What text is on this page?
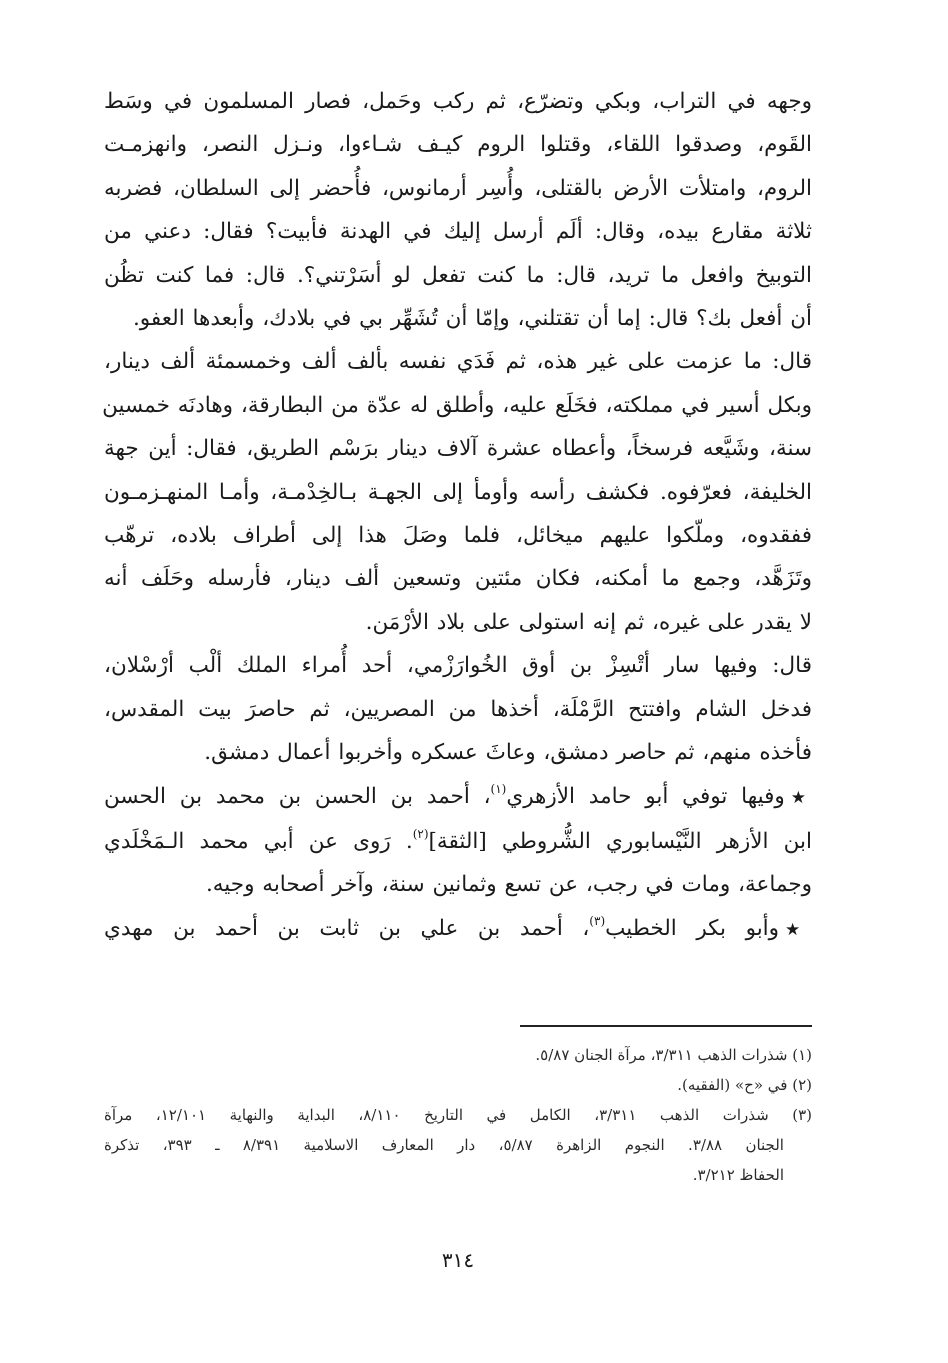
وجهه في التراب، وبكي وتضرّع، ثم ركب وحَمل، فصار المسلمون في وسَط
القَوم، وصدقوا اللقاء، وقتلوا الروم كيـف شـاءوا، ونـزل النصر، وانهزمـت
الروم، وامتلأت الأرض بالقتلى، وأُسِر أرمانوس، فأُحضر إلى السلطان، فضربه
ثلاثة مقارع بيده، وقال: ألَم أرسل إليك في الهدنة فأبيت؟ فقال: دعني من
التوبيخ وافعل ما تريد، قال: ما كنت تفعل لو أسَرْتني؟. قال: فما كنت تظُن
أن أفعل بك؟ قال: إما أن تقتلني، وإمّا أن تُشَهِّر بي في بلادك، وأبعدها العفو.
قال: ما عزمت على غير هذه، ثم فَدَي نفسه بألف ألف وخمسمئة ألف دينار،
وبكل أسير في مملكته، فخَلَع عليه، وأطلق له عدّة من البطارقة، وهادنَه خمسين
سنة، وشَيَّعه فرسخاً، وأعطاه عشرة آلاف دينار برَسْم الطريق، فقال: أين جهة
الخليفة، فعرّفوه. فكشف رأسه وأومأ إلى الجهـة بـالخِدْمـة، وأمـا المنهـزمـون
ففقدوه، وملّكوا عليهم ميخائل، فلما وصَلَ هذا إلى أطراف بلاده، ترهّب
وتَزَهَّد، وجمع ما أمكنه، فكان مئتين وتسعين ألف دينار، فأرسله وحَلَف أنه
لا يقدر على غيره، ثم إنه استولى على بلاد الأرْمَن.

قال: وفيها سار أتْسِزْ بن أوق الخُوارَزْمي، أحد أُمراء الملك ألْب أرْسْلان،
فدخل الشام وافتتح الرَّمْلَة، أخذها من المصريين، ثم حاصرَ بيت المقدس،
فأخذه منهم، ثم حاصر دمشق، وعاثَ عسكره وأخربوا أعمال دمشق.

★وفيها توفي أبو حامد الأزهري$^{(١)}$، أحمد بن الحسن بن محمد بن الحسن
ابن الأزهر النَّيْسابوري الشُّروطي [الثقة]$^{(٢)}$. رَوى عن أبي محمد الـمَخْلَدي
وجماعة، ومات في رجب، عن تسع وثمانين سنة، وآخر أصحابه وجيه.

★وأبو بكر الخطيب$^{(٣)}$، أحمد بن علي بن ثابت بن أحمد بن مهدي

(١) شذرات الذهب ٣/٣١١، مرآة الجنان ٥/٨٧.
(٢) في «ح» (الفقيه).
(٣) شذرات الذهب ٣/٣١١، الكامل في التاريخ ٨/١١٠، البداية والنهاية ١٢/١٠١، مرآة
الجنان ٣/٨٨. النجوم الزاهرة ٥/٨٧، دار المعارف الاسلامية ٨/٣٩١ ـ ٣٩٣، تذكرة
الحفاظ ٣/٢١٢.
٣١٤
